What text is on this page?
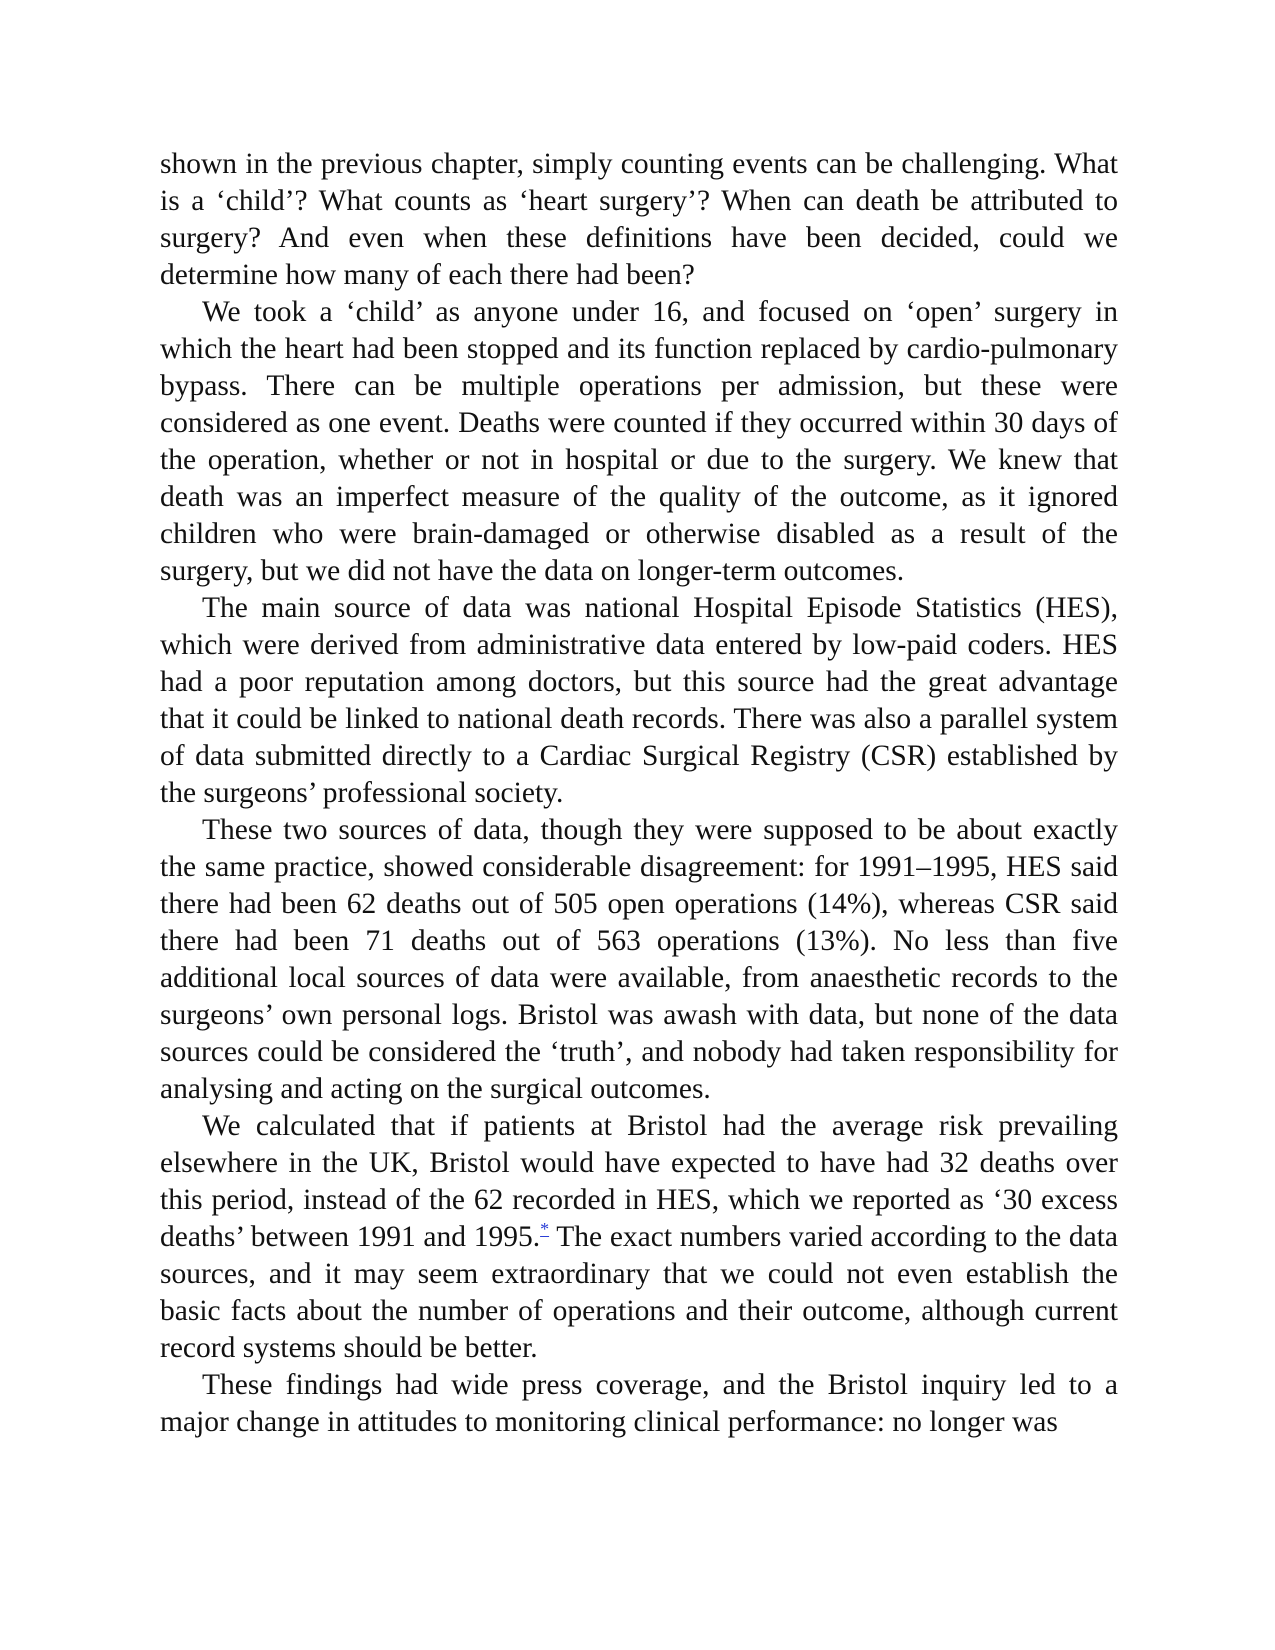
shown in the previous chapter, simply counting events can be challenging. What is a ‘child’? What counts as ‘heart surgery’? When can death be attributed to surgery? And even when these definitions have been decided, could we determine how many of each there had been?

We took a ‘child’ as anyone under 16, and focused on ‘open’ surgery in which the heart had been stopped and its function replaced by cardio-pulmonary bypass. There can be multiple operations per admission, but these were considered as one event. Deaths were counted if they occurred within 30 days of the operation, whether or not in hospital or due to the surgery. We knew that death was an imperfect measure of the quality of the outcome, as it ignored children who were brain-damaged or otherwise disabled as a result of the surgery, but we did not have the data on longer-term outcomes.

The main source of data was national Hospital Episode Statistics (HES), which were derived from administrative data entered by low-paid coders. HES had a poor reputation among doctors, but this source had the great advantage that it could be linked to national death records. There was also a parallel system of data submitted directly to a Cardiac Surgical Registry (CSR) established by the surgeons’ professional society.

These two sources of data, though they were supposed to be about exactly the same practice, showed considerable disagreement: for 1991–1995, HES said there had been 62 deaths out of 505 open operations (14%), whereas CSR said there had been 71 deaths out of 563 operations (13%). No less than five additional local sources of data were available, from anaesthetic records to the surgeons’ own personal logs. Bristol was awash with data, but none of the data sources could be considered the ‘truth’, and nobody had taken responsibility for analysing and acting on the surgical outcomes.

We calculated that if patients at Bristol had the average risk prevailing elsewhere in the UK, Bristol would have expected to have had 32 deaths over this period, instead of the 62 recorded in HES, which we reported as ‘30 excess deaths’ between 1991 and 1995.* The exact numbers varied according to the data sources, and it may seem extraordinary that we could not even establish the basic facts about the number of operations and their outcome, although current record systems should be better.

These findings had wide press coverage, and the Bristol inquiry led to a major change in attitudes to monitoring clinical performance: no longer was
